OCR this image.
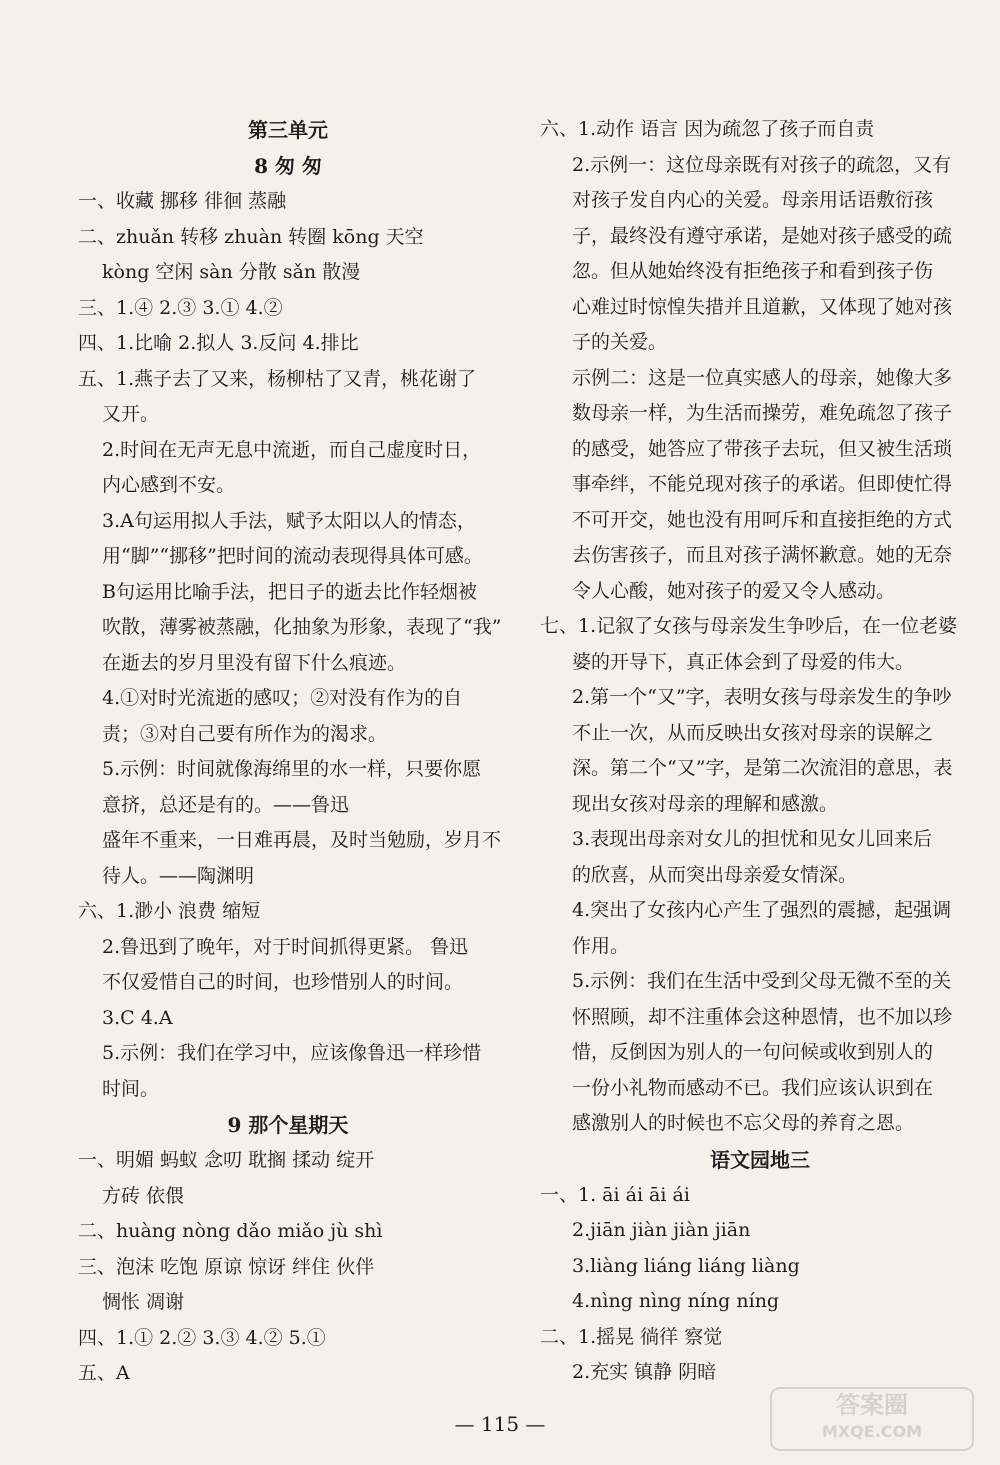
第三单元
8 匆 匆
一、收藏 挪移 徘徊 蒸融
二、zhuǎn 转移 zhuàn 转圈 kōng 天空
kòng 空闲 sàn 分散 sǎn 散漫
三、1.④ 2.③ 3.① 4.②
四、1.比喻 2.拟人 3.反问 4.排比
五、1.燕子去了又来，杨柳枯了又青，桃花谢了
又开。
2.时间在无声无息中流逝，而自己虚度时日，
内心感到不安。
3.A句运用拟人手法，赋予太阳以人的情态，
用“脚”“挪移”把时间的流动表现得具体可感。
B句运用比喻手法，把日子的逝去比作轻烟被
吹散，薄雾被蒸融，化抽象为形象，表现了“我”
在逝去的岁月里没有留下什么痕迹。
4.①对时光流逝的感叹；②对没有作为的自
责；③对自己要有所作为的渴求。
5.示例：时间就像海绵里的水一样，只要你愿
意挤，总还是有的。——鲁迅
盛年不重来，一日难再晨，及时当勉励，岁月不
待人。——陶渊明
六、1.渺小 浪费 缩短
2.鲁迅到了晚年，对于时间抓得更紧。 鲁迅
不仅爱惜自己的时间，也珍惜别人的时间。
3.C 4.A
5.示例：我们在学习中，应该像鲁迅一样珍惜
时间。
9 那个星期天
一、明媚 蚂蚁 念叨 耽搁 揉动 绽开
方砖 依偎
二、huàng nòng dǎo miǎo jù shì
三、泡沫 吃饱 原谅 惊讶 绊住 伙伴
惆怅 凋谢
四、1.① 2.② 3.③ 4.② 5.①
五、A
六、1.动作 语言 因为疏忽了孩子而自责
2.示例一：这位母亲既有对孩子的疏忽，又有
对孩子发自内心的关爱。母亲用话语敷衍孩
子，最终没有遵守承诺，是她对孩子感受的疏
忽。但从她始终没有拒绝孩子和看到孩子伤
心难过时惊惶失措并且道歉，又体现了她对孩
子的关爱。
示例二：这是一位真实感人的母亲，她像大多
数母亲一样，为生活而操劳，难免疏忽了孩子
的感受，她答应了带孩子去玩，但又被生活琐
事牵绊，不能兑现对孩子的承诺。但即使忙得
不可开交，她也没有用呵斥和直接拒绝的方式
去伤害孩子，而且对孩子满怀歉意。她的无奈
令人心酸，她对孩子的爱又令人感动。
七、1.记叙了女孩与母亲发生争吵后，在一位老婆
婆的开导下，真正体会到了母爱的伟大。
2.第一个“又”字，表明女孩与母亲发生的争吵
不止一次，从而反映出女孩对母亲的误解之
深。第二个“又”字，是第二次流泪的意思，表
现出女孩对母亲的理解和感激。
3.表现出母亲对女儿的担忧和见女儿回来后
的欣喜，从而突出母亲爱女情深。
4.突出了女孩内心产生了强烈的震撼，起强调
作用。
5.示例：我们在生活中受到父母无微不至的关
怀照顾，却不注重体会这种恩情，也不加以珍
惜，反倒因为别人的一句问候或收到别人的
一份小礼物而感动不已。我们应该认识到在
感激别人的时候也不忘父母的养育之恩。
语文园地三
一、1. āi ái āi ái
2.jiān jiàn jiàn jiān
3.liàng liáng liáng liàng
4.nìng nìng níng níng
二、1.摇晃 徜徉 察觉
2.充实 镇静 阴暗
— 115 —
答案圈
MXQE.COM
